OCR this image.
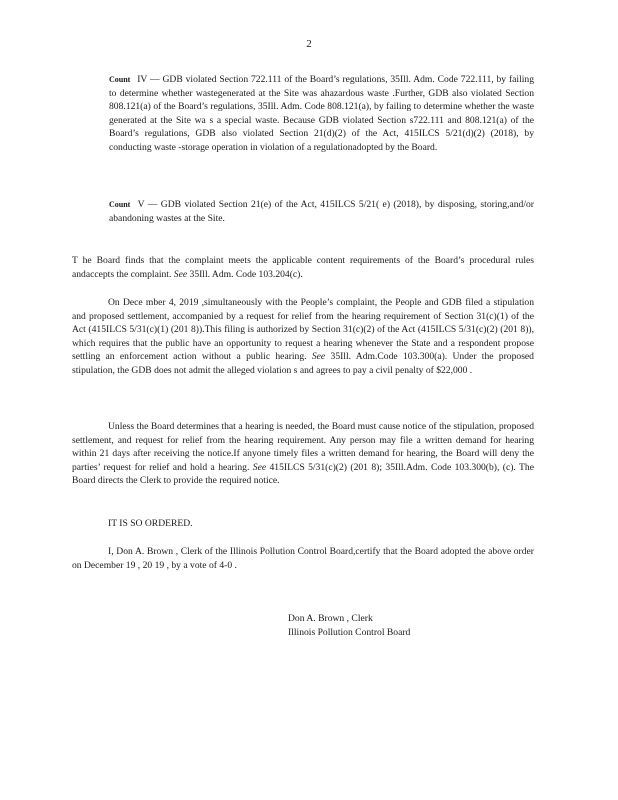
2
Count IV — GDB violated Section 722.111 of the Board’s regulations, 35Ill. Adm. Code 722.111, by failing to determine whether wastegenerated at the Site was ahazardous waste .Further, GDB also violated Section 808.121(a) of the Board’s regulations, 35Ill. Adm. Code 808.121(a), by failing to determine whether the waste generated at the Site wa s a special waste. Because GDB violated Section s722.111 and 808.121(a) of the Board’s regulations, GDB also violated Section 21(d)(2) of the Act, 415ILCS 5/21(d)(2) (2018), by conducting waste -storage operation in violation of a regulationadopted by the Board.
Count V — GDB violated Section 21(e) of the Act, 415ILCS 5/21( e) (2018), by disposing, storing,and/or abandoning wastes at the Site.
T he Board finds that the complaint meets the applicable content requirements of the Board’s procedural rules andaccepts the complaint. See 35Ill. Adm. Code 103.204(c).
On Dece mber 4, 2019 ,simultaneously with the People’s complaint, the People and GDB filed a stipulation and proposed settlement, accompanied by a request for relief from the hearing requirement of Section 31(c)(1) of the Act (415ILCS 5/31(c)(1) (201 8)).This filing is authorized by Section 31(c)(2) of the Act (415ILCS 5/31(c)(2) (201 8)), which requires that the public have an opportunity to request a hearing whenever the State and a respondent propose settling an enforcement action without a public hearing. See 35Ill. Adm.Code 103.300(a). Under the proposed stipulation, the GDB does not admit the alleged violation s and agrees to pay a civil penalty of $22,000 .
Unless the Board determines that a hearing is needed, the Board must cause notice of the stipulation, proposed settlement, and request for relief from the hearing requirement. Any person may file a written demand for hearing within 21 days after receiving the notice.If anyone timely files a written demand for hearing, the Board will deny the parties’ request for relief and hold a hearing. See 415ILCS 5/31(c)(2) (201 8); 35Ill.Adm. Code 103.300(b), (c). The Board directs the Clerk to provide the required notice.
IT IS SO ORDERED.
I, Don A. Brown , Clerk of the Illinois Pollution Control Board,certify that the Board adopted the above order on December 19 , 20 19 , by a vote of 4-0 .
Don A. Brown , Clerk
Illinois Pollution Control Board
